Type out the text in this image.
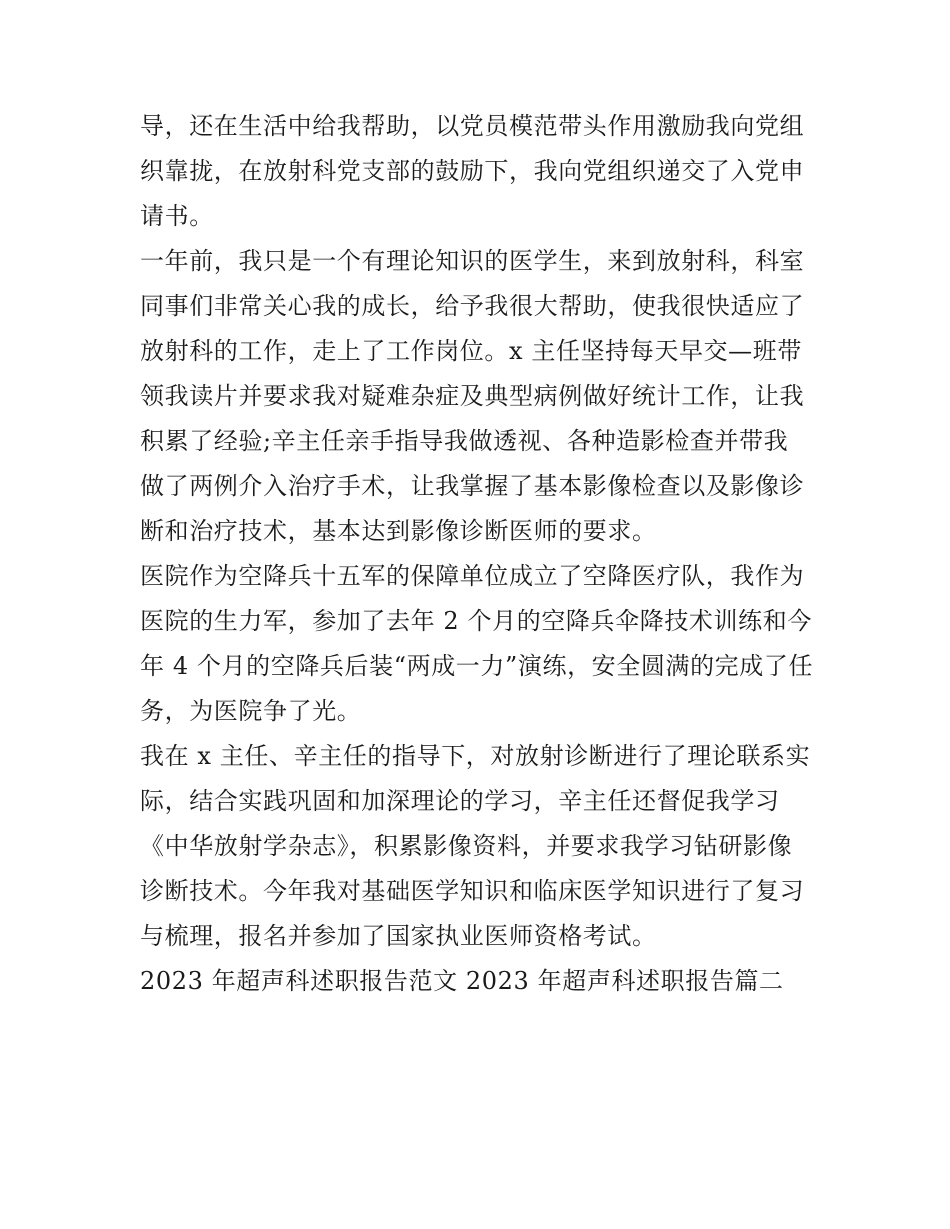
导，还在生活中给我帮助，以党员模范带头作用激励我向党组
织靠拢，在放射科党支部的鼓励下，我向党组织递交了入党申
请书。
一年前，我只是一个有理论知识的医学生，来到放射科，科室
同事们非常关心我的成长，给予我很大帮助，使我很快适应了
放射科的工作，走上了工作岗位。x 主任坚持每天早交—班带
领我读片并要求我对疑难杂症及典型病例做好统计工作，让我
积累了经验;辛主任亲手指导我做透视、各种造影检查并带我
做了两例介入治疗手术，让我掌握了基本影像检查以及影像诊
断和治疗技术，基本达到影像诊断医师的要求。
医院作为空降兵十五军的保障单位成立了空降医疗队，我作为
医院的生力军，参加了去年 2 个月的空降兵伞降技术训练和今
年 4 个月的空降兵后装“两成一力”演练，安全圆满的完成了任
务，为医院争了光。
我在 x 主任、辛主任的指导下，对放射诊断进行了理论联系实
际，结合实践巩固和加深理论的学习，辛主任还督促我学习
《中华放射学杂志》，积累影像资料，并要求我学习钻研影像
诊断技术。今年我对基础医学知识和临床医学知识进行了复习
与梳理，报名并参加了国家执业医师资格考试。
2023 年超声科述职报告范文 2023 年超声科述职报告篇二
